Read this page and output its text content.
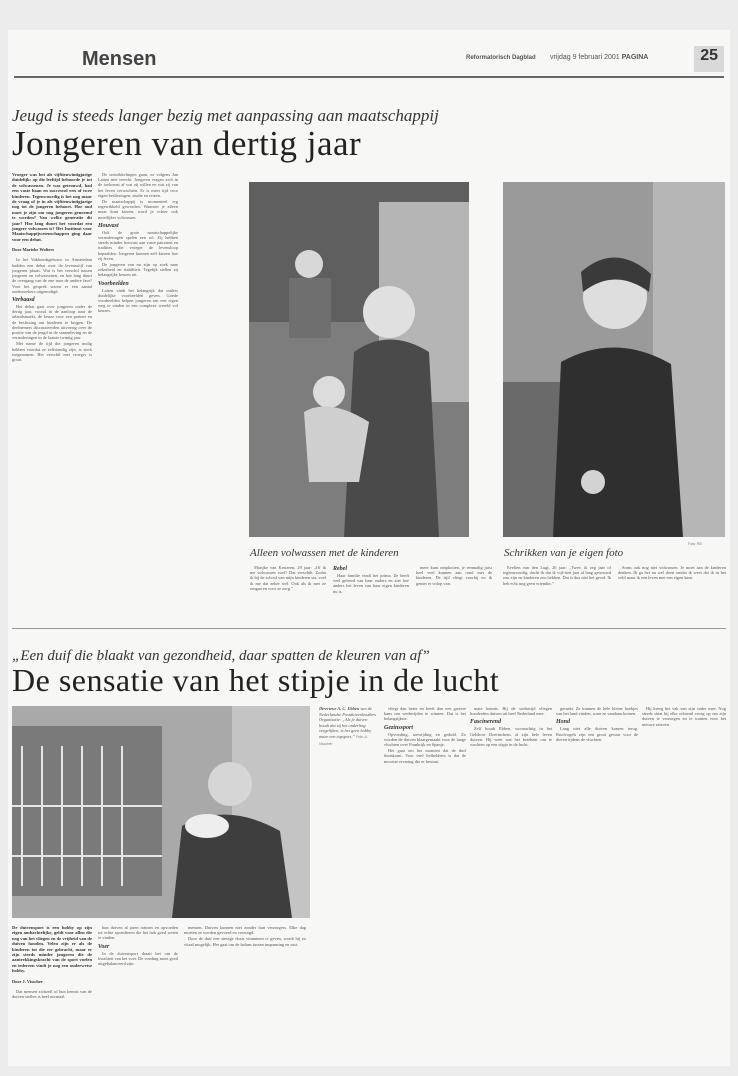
Mensen	Reformatorisch Dagblad vrijdag 9 februari 2001 PAGINA	25
Jeugd is steeds langer bezig met aanpassing aan maatschappij
Jongeren van dertig jaar
Vroeger was het als vijftienwintigjarige duidelijk: op die leeftijd behoorde je tot de volwassenen. Je was getrouwd, had een vaste baan en succesvol een of twee kinderen. Tegenwoordig is het nog maar de vraag of je in als vijftienwintigjarige nog tot de jongeren behoort. Hoe oud moet je zijn om nog jongeren genoemd te worden? Van welke generatie dit jaar? Hoe lang duurt het voordat een jongere volwassen is? Het Instituut voor Maatschappijwetenschappen ging daar voor een debat.
Door Marieke Wolters

In het Vakbondsgebouw in Amsterdam hadden een debat over de levensstijl van jongeren plaats. Wat is het verschil tussen jongeren en volwassenen, en hoe lang duurt de overgang van de ene naar de andere fase? Voor het gesprek waren er een aantal onderzoekers uitgenodigd.

Verbaasd

Het debat gaat over jongeren onder de dertig jaar, vooral in de aanloop naar de arbeidsmarkt, de keuze voor een partner en de beslissing om kinderen te krijgen. De deelnemers discussieerden uitvoerig over de positie van de jeugd in de samenleving en de veranderingen in de laatste twintig jaar.

Met name de tijd die jongeren nodig hebben voordat ze zelfstandig zijn, is sterk toegenomen. Het verschil met vroeger is groot.

De ontwikkelingen gaan, zo volgens Jan Latten niet terecht. Jongeren vragen zich in de toekomst af wat zij willen en wat zij van het leven verwachten. Er is meer tijd voor eigen beslissingen, studie en reizen.

De maatschappij is momenteel erg ingewikkeld geworden. Wanneer je alleen maar kunt kiezen, word je echter ook moeilijker volwassen.

Houvast

Ook de grote maatschappelijke veranderingen spelen een rol. Zij hebben steeds minder houvast aan vaste patronen en tradities die vroeger de levensloop bepaalden. Jongeren kunnen zelf kiezen hoe zij leven.

De jongeren van nu zijn op zoek naar zekerheid en stabiliteit. Tegelijk stellen zij belangrijke keuzes uit.

Voorbeelden

Latten vindt het belangrijk dat ouders duidelijke voorbeelden geven. Goede voorbeelden helpen jongeren om een eigen weg te vinden in een complexe wereld vol keuzes.

Alleen volwassen met de kinderen
Foto: RD
Schrikken van je eigen foto

Marijke van Kesteren, 29 jaar: „Of ik me volwassen voel? Dat verschilt. Zodra ik bij de school van mijn kinderen sta, voel ik me dat zeker wel. Ook als ik met ze omgaa en voor ze zorg.”

Rebel

Haar familie vindt het prima. Ze heeft veel geleerd van haar ouders en ziet hoe anders het leven van haar eigen kinderen nu is.

meer kunt ontplooien, je eenmalig juist heel veel kunnen aan rond met de kinderen. De tijd vliegt voorbij en ik geniet er volop van.

Evelien van den Lugt, 26 jaar: „Twee, ik zeg jaar of tegenwoordig, dacht ik dat ik vijf-tien jaar al lang getrouwd zou zijn en kinderen zou hebben. Dat is dus niet het geval. Ik heb echt nog geen vriendin.”

Soms ook nog niet volwassen. Je moet aan de kinderen denken. Ik ga het nu wel doen omdat ik weet dat ik in het veld maar ik een leven met een eigen kant.

„Een duif die blaakt van gezondheid, daar spatten de kleuren van af”
De sensatie van het stipje in de lucht
Directeur A. C. Ebben van de Nederlandse Postduivenhouders Organisatie: „Als je duiven houdt dat zij het onderling vergelijken, is het geen hobby maar een topsport.” Foto: A. Visscher
De duivensport is een hobby op zijn eigen ambachtelijke, geldt voor allen die nog van het vliegen en de vrijheid van de duiven houden. Velen zijn er als de kinderen tot die eer gebracht, maar er zijn steeds minder jongeren die de aantrekkingskracht van de sport voelen en iedereen vindt je nog een ouderwetse hobby.
Door J. Visscher

Dat mensen zichzelf of hun kennis van de duiven stellen is heel normaal.

hun duiven al jaren trainen en opvoeden tot echte sportdieren die het hok goed weten te vinden.

Voer

In de duivensport draait het om de kwaliteit van het voer. De voeding moet goed uitgebalanceerd zijn.

mensen. Duiven kunnen niet zonder hun verzorgers. Elke dag moeten ze worden gevoerd en verzorgd.

Door de duif een stevige dosis vitaminen te geven, wordt hij zo vitaal mogelijk. Het gaat om de balans tussen inspanning en rust.

vliegt dan beter en heeft dan een grotere kans om wedstrijden te winnen. Dat is het belangrijkste.

Gezinssport

Opvoeding, toewijding en geduld. Zo worden de duiven klaargemaakt voor de lange vluchten over Frankrijk en Spanje.

Het gaat om het moment dat de duif thuiskomt. Voor veel liefhebbers is dat de mooiste ervaring die er bestaat.

mate kennis. Bij de wedstrijd vliegen honderden duiven uit heel Nederland mee.

Fascinerend

Zelf houdt Ebben, woonachtig in het Gelderse Doetinchem, al zijn hele leven duiven. Hij weet wat het betekent om te wachten op een stipje in de lucht.

geraakt. Ze kunnen de hele kleine hoekjes van het land vinden, waar ze vandaan komen.

Hond

Lang niet alle duiven komen terug. Roofvogels zijn een groot gevaar voor de dieren tijdens de vluchten.

Hij kreeg het vak van zijn vader mee. Nog steeds staat hij elke ochtend vroeg op om zijn duiven te verzorgen en te trainen voor het nieuwe seizoen.
